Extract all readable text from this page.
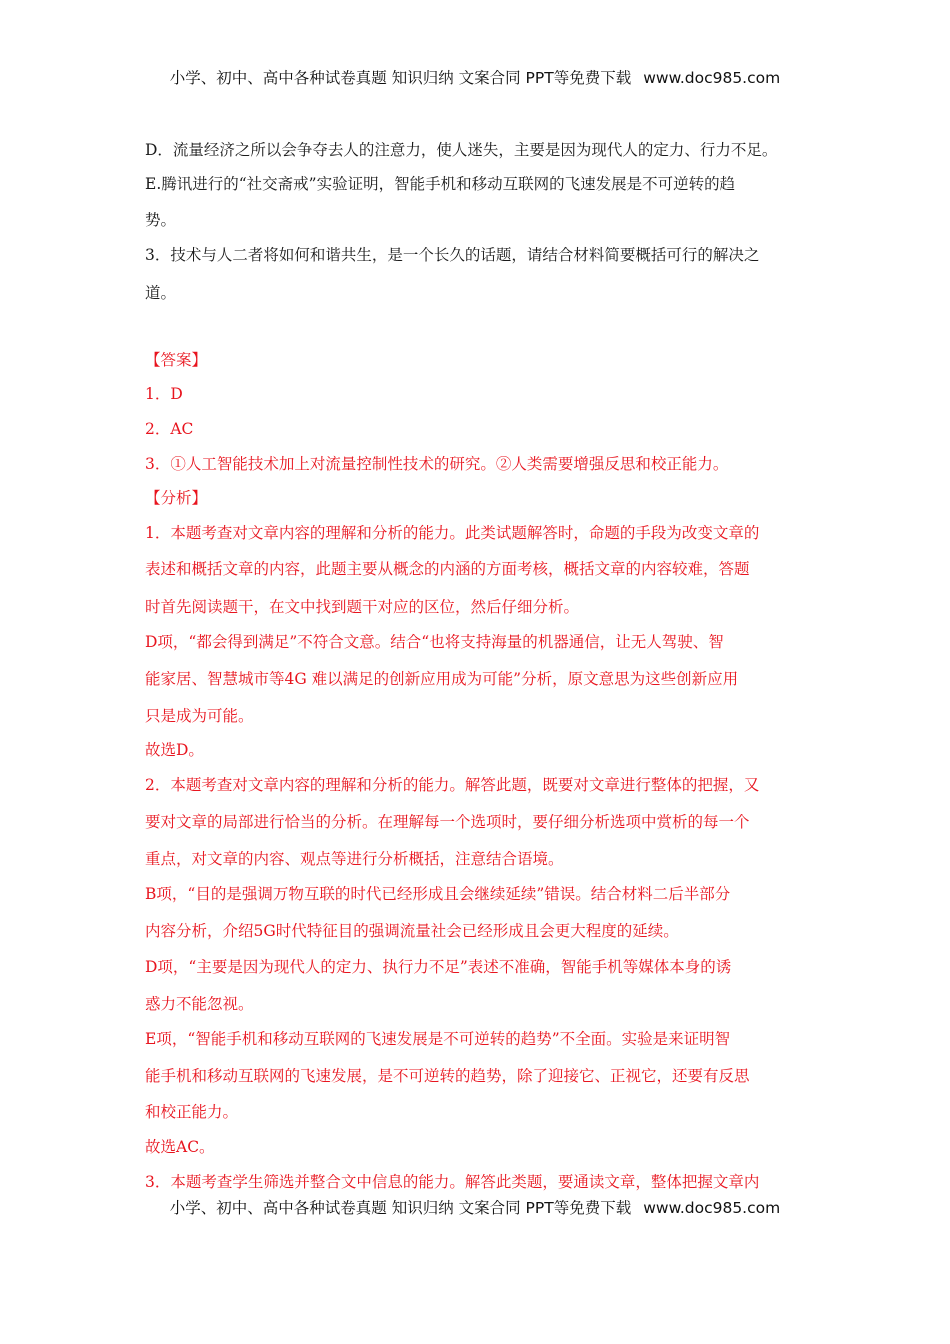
小学、初中、高中各种试卷真题 知识归纳 文案合同 PPT等免费下载 www.doc985.com
D．流量经济之所以会争夺去人的注意力，使人迷失，主要是因为现代人的定力、行力不足。
E.腾讯进行的“社交斋戒”实验证明，智能手机和移动互联网的飞速发展是不可逆转的趋
势。
3．技术与人二者将如何和谐共生，是一个长久的话题，请结合材料简要概括可行的解决之
道。
【答案】
1．D
2．AC
3．①人工智能技术加上对流量控制性技术的研究。②人类需要增强反思和校正能力。
【分析】
1．本题考查对文章内容的理解和分析的能力。此类试题解答时，命题的手段为改变文章的
表述和概括文章的内容，此题主要从概念的内涵的方面考核，概括文章的内容较难，答题
时首先阅读题干，在文中找到题干对应的区位，然后仔细分析。
D项，“都会得到满足”不符合文意。结合“也将支持海量的机器通信，让无人驾驶、智
能家居、智慧城市等4G 难以满足的创新应用成为可能”分析，原文意思为这些创新应用
只是成为可能。
故选D。
2．本题考查对文章内容的理解和分析的能力。解答此题，既要对文章进行整体的把握，又
要对文章的局部进行恰当的分析。在理解每一个选项时，要仔细分析选项中赏析的每一个
重点，对文章的内容、观点等进行分析概括，注意结合语境。
B项，“目的是强调万物互联的时代已经形成且会继续延续”错误。结合材料二后半部分
内容分析，介绍5G时代特征目的强调流量社会已经形成且会更大程度的延续。
D项，“主要是因为现代人的定力、执行力不足”表述不准确，智能手机等媒体本身的诱
惑力不能忽视。
E项，“智能手机和移动互联网的飞速发展是不可逆转的趋势”不全面。实验是来证明智
能手机和移动互联网的飞速发展，是不可逆转的趋势，除了迎接它、正视它，还要有反思
和校正能力。
故选AC。
3．本题考查学生筛选并整合文中信息的能力。解答此类题，要通读文章，整体把握文章内
小学、初中、高中各种试卷真题 知识归纳 文案合同 PPT等免费下载 www.doc985.com
